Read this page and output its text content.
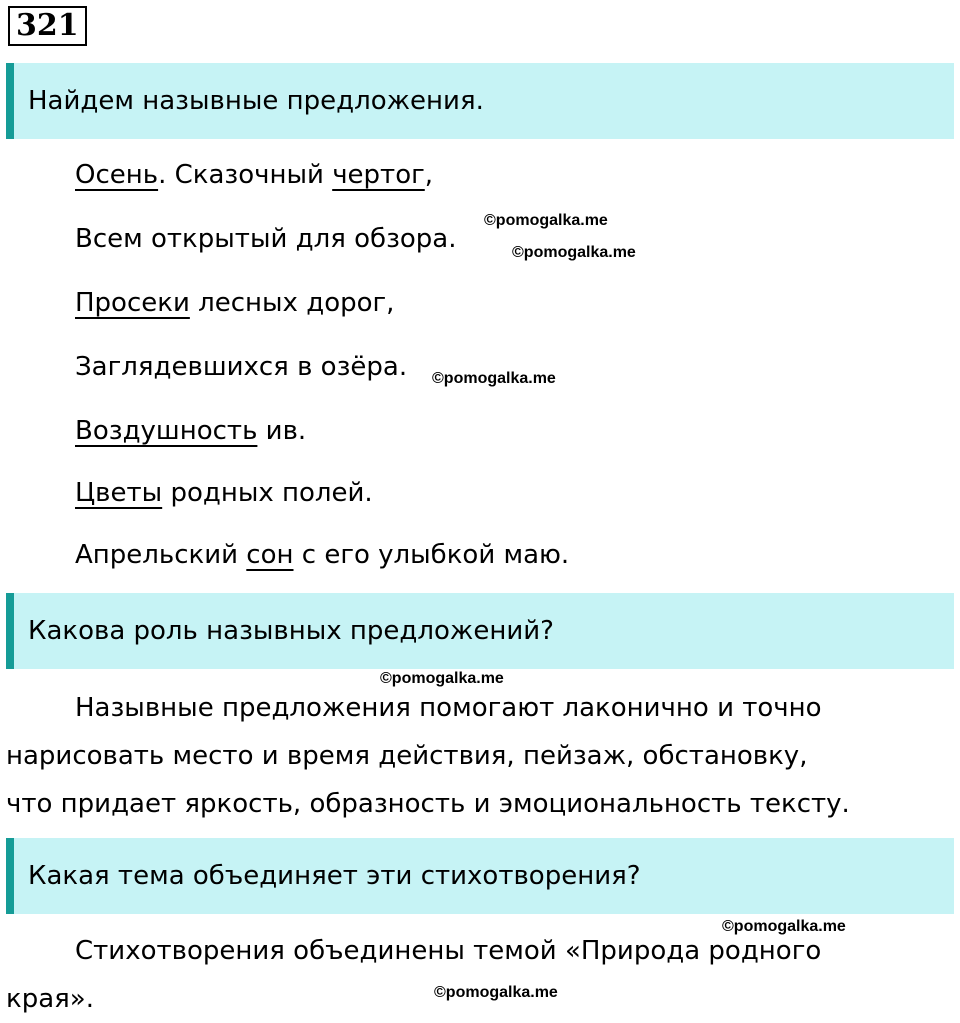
321
Найдем назывные предложения.
Осень. Сказочный чертог,
Всем открытый для обзора.
Просеки лесных дорог,
Заглядевшихся в озёра.
Воздушность ив.
Цветы родных полей.
Апрельский сон с его улыбкой маю.
Какова роль назывных предложений?
Назывные предложения помогают лаконично и точно
нарисовать место и время действия, пейзаж, обстановку,
что придает яркость, образность и эмоциональность тексту.
Какая тема объединяет эти стихотворения?
Стихотворения объединены темой «Природа родного
края».
©pomogalka.me
©pomogalka.me
©pomogalka.me
©pomogalka.me
©pomogalka.me
©pomogalka.me
